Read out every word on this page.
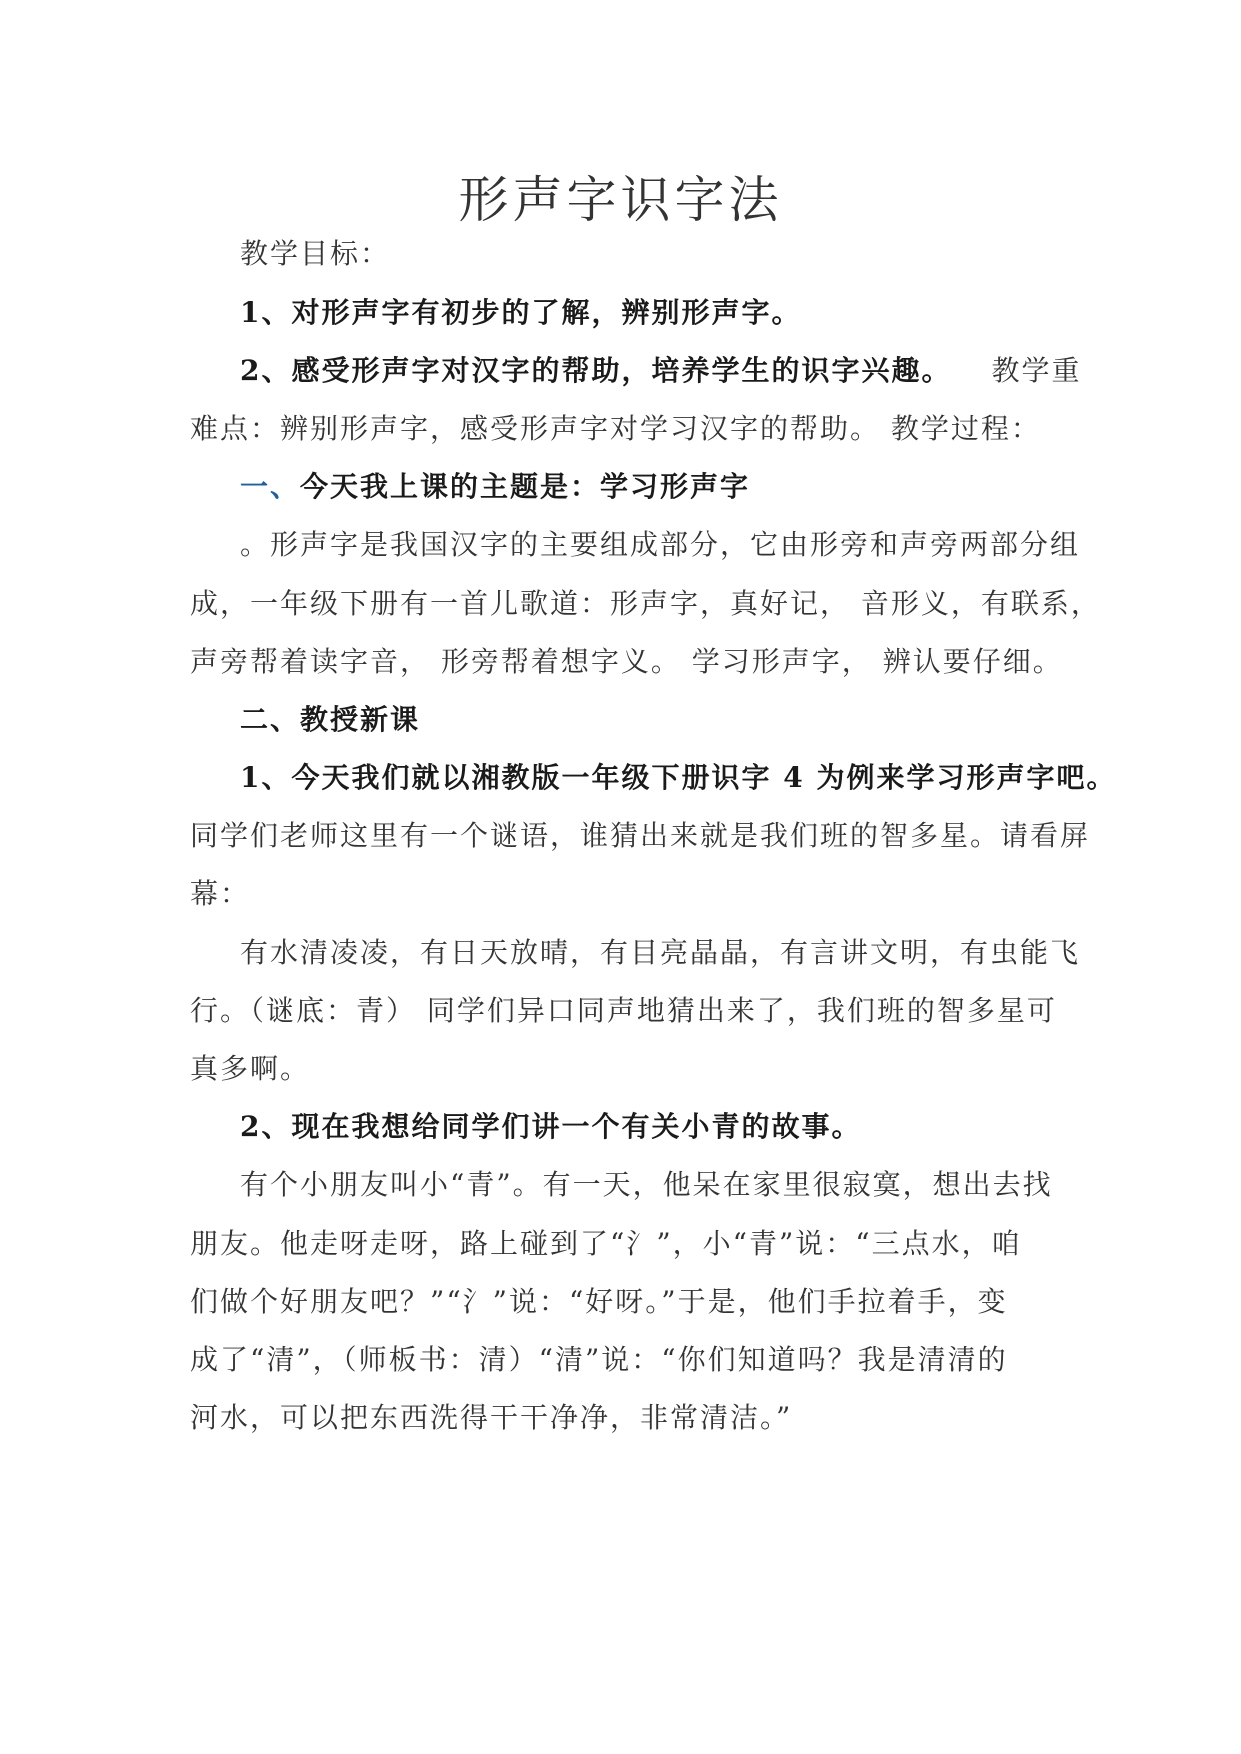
形声字识字法
教学目标：
1、对形声字有初步的了解，辨别形声字。
2、感受形声字对汉字的帮助，培养学生的识字兴趣。 教学重
难点：辨别形声字，感受形声字对学习汉字的帮助。 教学过程：
一、今天我上课的主题是：学习形声字
。形声字是我国汉字的主要组成部分，它由形旁和声旁两部分组
成，一年级下册有一首儿歌道：形声字，真好记， 音形义，有联系，
声旁帮着读字音， 形旁帮着想字义。 学习形声字， 辨认要仔细。
二、教授新课
1、今天我们就以湘教版一年级下册识字 4 为例来学习形声字吧。
同学们老师这里有一个谜语，谁猜出来就是我们班的智多星。请看屏
幕：
有水清凌凌，有日天放晴，有目亮晶晶，有言讲文明，有虫能飞
行。（谜底：青） 同学们异口同声地猜出来了，我们班的智多星可
真多啊。
2、现在我想给同学们讲一个有关小青的故事。
有个小朋友叫小“青”。有一天，他呆在家里很寂寞，想出去找
朋友。他走呀走呀，路上碰到了“氵”，小“青”说：“三点水，咱
们做个好朋友吧？”“氵”说：“好呀。”于是，他们手拉着手，变
成了“清”，（师板书：清）“清”说：“你们知道吗？我是清清的
河水，可以把东西洗得干干净净，非常清洁。”
